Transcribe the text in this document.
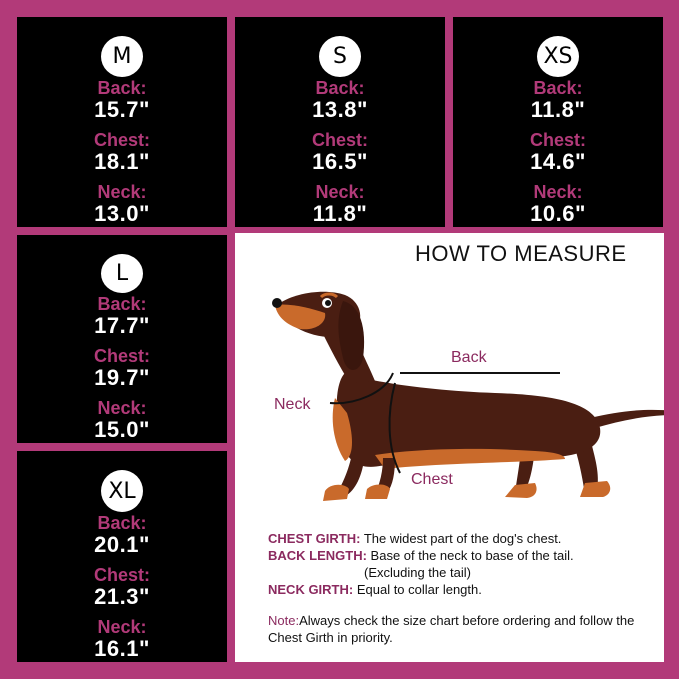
M
Back:
15.7"
Chest:
18.1"
Neck:
13.0"
S
Back:
13.8"
Chest:
16.5"
Neck:
11.8"
XS
Back:
11.8"
Chest:
14.6"
Neck:
10.6"
L
Back:
17.7"
Chest:
19.7"
Neck:
15.0"
XL
Back:
20.1"
Chest:
21.3"
Neck:
16.1"
HOW TO MEASURE
Back
Neck
Chest
CHEST GIRTH: The widest part of the dog's chest.
BACK LENGTH: Base of the neck to base of the tail.
(Excluding the tail)
NECK GIRTH: Equal to collar length.
Note:Always check the size chart before ordering and follow the Chest Girth in priority.
